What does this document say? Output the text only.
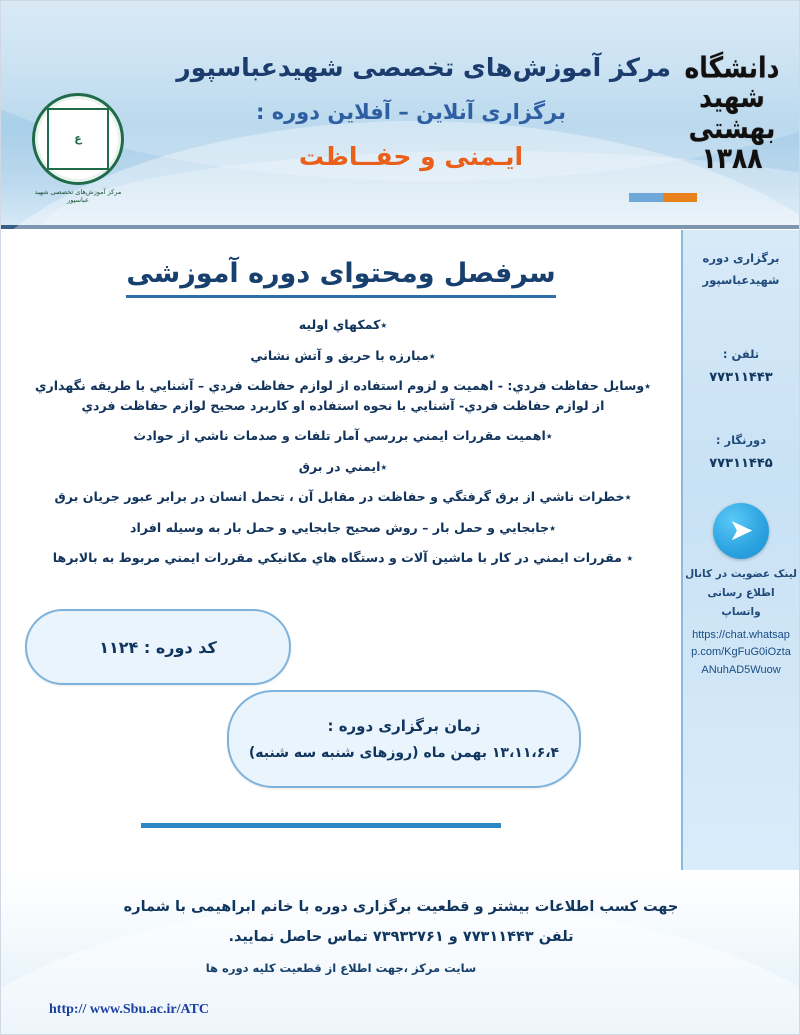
ع
مرکز آموزش‌های تخصصی شهید عباسپور
مرکز آموزش‌های تخصصی شهیدعباسپور
برگزاری آنلاین – آفلاین دوره :
ایـمنی و حفــاظت
دانشگاه شهید بهشتی ۱۳۸۸
برگزاری دوره
شهیدعباسپور
تلفن :
۷۷۳۱۱۴۴۳
دورنگار :
۷۷۳۱۱۴۴۵
➤
لینک عضویت در کانال
اطلاع رسانی
واتساپ
https://chat.whatsapp.com/KgFuG0iOztaANuhAD5Wuow
سرفصل ومحتوای دوره آموزشی
٭کمکهاي اوليه
٭مبارزه با حريق و آتش نشاني
٭وسايل حفاظت فردي: - اهميت و لزوم استفاده از لوازم حفاظت فردي – آشنايي با طريقه نگهداري از لوازم حفاظت فردي- آشنايي با نحوه استفاده او كاربرد صحيح لوازم حفاظت فردي
٭اهميت مقررات ايمني بررسي آمار تلفات و صدمات ناشي از حوادث
٭ايمني در برق
٭خطرات ناشي از برق گرفتگي و حفاظت در مقابل آن ، تحمل انسان در برابر عبور جريان برق
٭جابجايي و حمل بار – روش صحيح جابجايي و حمل بار به وسيله افراد
٭ مقررات ايمني در كار با ماشين آلات و دستگاه هاي مكانيكي مقررات ايمني مربوط به بالابرها
کد دوره : ۱۱۲۴
زمان برگزاری دوره :
۱۳،۱۱،۶،۴ بهمن ماه (روزهای شنبه سه شنبه)
جهت کسب اطلاعات بیشتر و قطعیت برگزاری دوره با خانم ابراهیمی با شماره
تلفن ۷۷۳۱۱۴۴۳ و ۷۳۹۳۲۷۶۱ تماس حاصل نمایید.
سایت مرکز ،جهت اطلاع از قطعیت کلیه دوره ها
http:// www.Sbu.ac.ir/ATC
